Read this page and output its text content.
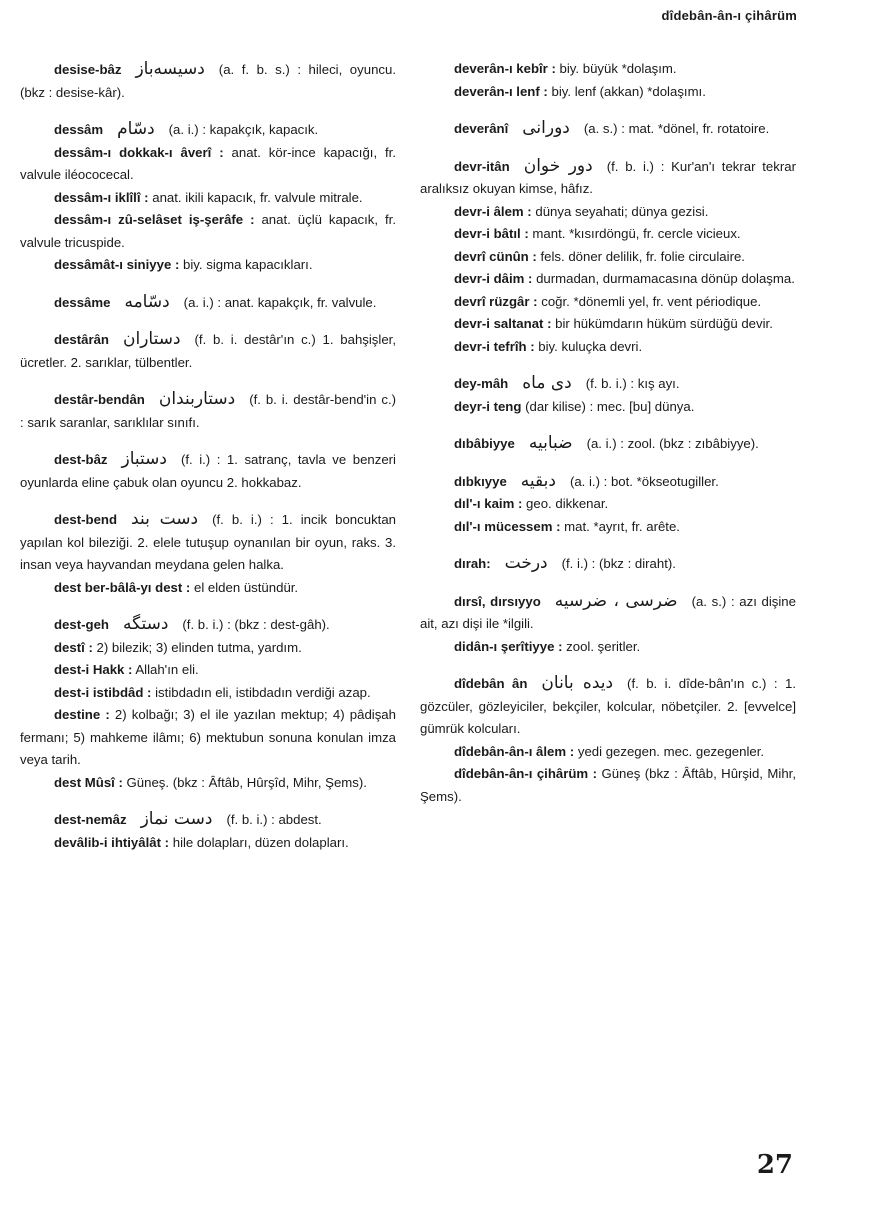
dîdebân-ân-ı çihârüm

desise-bâz دسيسه‌باز (a. f. b. s.) : hileci, oyuncu. (bkz : desise-kâr).

dessâm دسّام (a. i.) : kapakçık, kapacık.

dessâm-ı dokkak-ı âverî : anat. kör-ince kapacığı, fr. valvule iléococecal.

dessâm-ı iklîlî : anat. ikili kapacık, fr. valvule mitrale.

dessâm-ı zû-selâset iş-şerâfe : anat. üçlü kapacık, fr. valvule tricuspide.

dessâmât-ı siniyye : biy. sigma kapacıkları.

dessâme دسّامه (a. i.) : anat. kapakçık, fr. valvule.

destârân دستاران (f. b. i. destâr'ın c.) 1. bahşişler, ücretler. 2. sarıklar, tülbentler.

destâr-bendân دستاربندان (f. b. i. destâr-bend'in c.) : sarık saranlar, sarıklılar sınıfı.

dest-bâz دستباز (f. i.) : 1. satranç, tavla ve benzeri oyunlarda eline çabuk olan oyuncu 2. hokkabaz.

dest-bend دست بند (f. b. i.) : 1. incik boncuktan yapılan kol bileziği. 2. elele tutuşup oynanılan bir oyun, raks. 3. insan veya hayvandan meydana gelen halka.

dest ber-bâlâ-yı dest : el elden üstündür.

dest-geh دستگه (f. b. i.) : (bkz : dest-gâh).

destî : 2) bilezik; 3) elinden tutma, yardım.

dest-i Hakk : Allah'ın eli.

dest-i istibdâd : istibdadın eli, istibdadın verdiği azap.

destine : 2) kolbağı; 3) el ile yazılan mektup; 4) pâdişah fermanı; 5) mahkeme ilâmı; 6) mektubun sonuna konulan imza veya tarih.

dest Mûsî : Güneş. (bkz : Âftâb, Hûrşîd, Mihr, Şems).

dest-nemâz دست نماز (f. b. i.) : abdest.

devâlib-i ihtiyâlât : hile dolapları, düzen dolapları.

deverân-ı kebîr : biy. büyük *dolaşım.

deverân-ı lenf : biy. lenf (akkan) *dolaşımı.

deverânî دورانى (a. s.) : mat. *dönel, fr. rotatoire.

devr-itân دور خوان (f. b. i.) : Kur'an'ı tekrar tekrar aralıksız okuyan kimse, hâfız.

devr-i âlem : dünya seyahati; dünya gezisi.

devr-i bâtıl : mant. *kısırdöngü, fr. cercle vicieux.

devrî cünûn : fels. döner delilik, fr. folie circulaire.

devr-i dâim : durmadan, durmamacasına dönüp dolaşma.

devrî rüzgâr : coğr. *dönemli yel, fr. vent périodique.

devr-i saltanat : bir hükümdarın hüküm sürdüğü devir.

devr-i tefrîh : biy. kuluçka devri.

dey-mâh دى ماه (f. b. i.) : kış ayı.

deyr-i teng (dar kilise) : mec. [bu] dünya.

dıbâbiyye ضبابيه (a. i.) : zool. (bkz : zıbâbiyye).

dıbkıyye دبقيه (a. i.) : bot. *ökseotugiller.

dıl'-ı kaim : geo. dikkenar.

dıl'-ı mücessem : mat. *ayrıt, fr. arête.

dırah: درخت (f. i.) : (bkz : diraht).

dırsî, dırsıyyo ضرسى ، ضرسيه (a. s.) : azı dişine ait, azı dişi ile *ilgili.

didân-ı şerîtiyye : zool. şeritler.

dîdebân ân ديده بانان (f. b. i. dîde-bân'ın c.) : 1. gözcüler, gözleyiciler, bekçiler, kolcular, nöbetçiler. 2. [evvelce] gümrük kolcuları.

dîdebân-ân-ı âlem : yedi gezegen. mec. gezegenler.

dîdebân-ân-ı çihârüm : Güneş (bkz : Âftâb, Hûrşid, Mihr, Şems).

27
